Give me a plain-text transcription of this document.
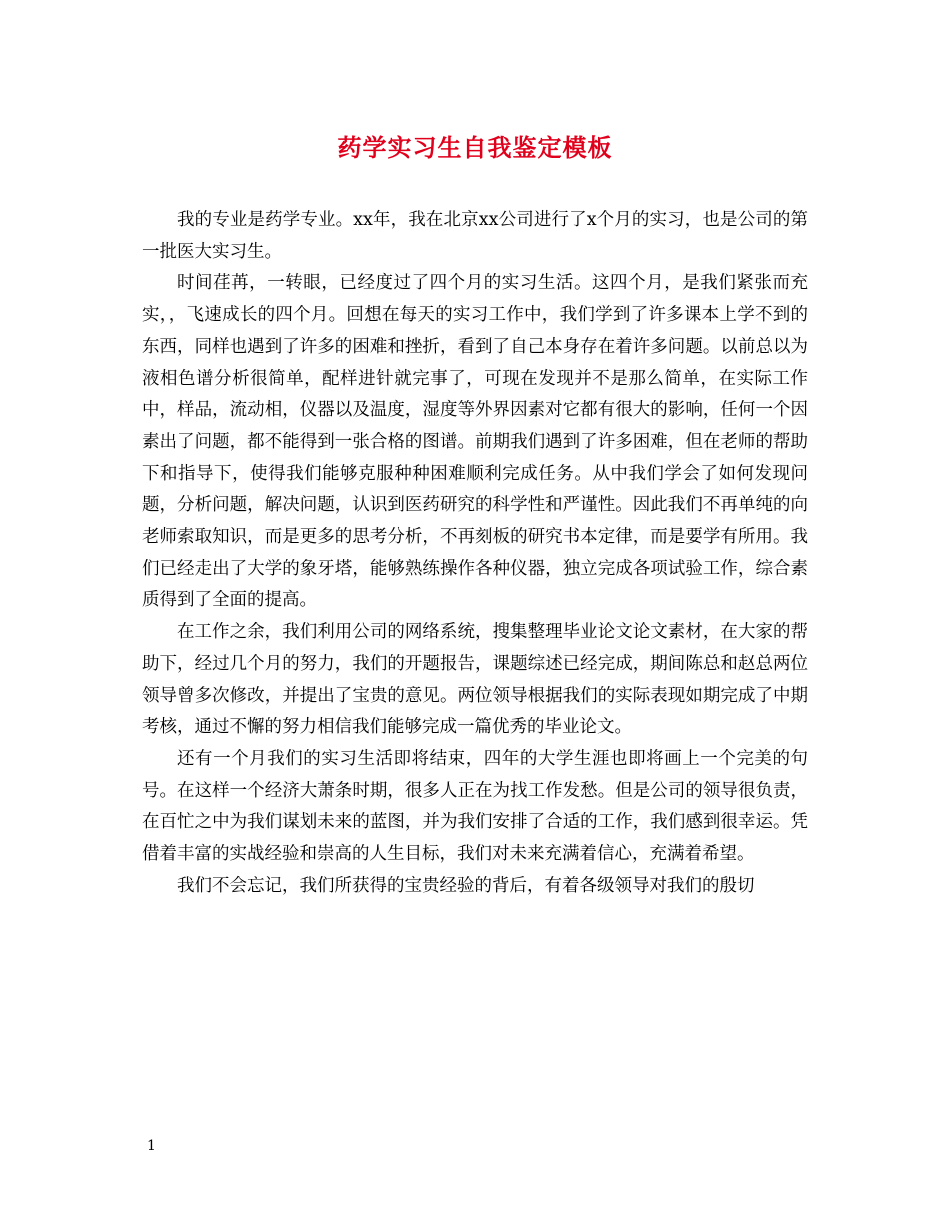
药学实习生自我鉴定模板

我的专业是药学专业。xx年，我在北京xx公司进行了x个月的实习，也是公司的第一批医大实习生。

时间荏苒，一转眼，已经度过了四个月的实习生活。这四个月，是我们紧张而充实，，飞速成长的四个月。回想在每天的实习工作中，我们学到了许多课本上学不到的东西，同样也遇到了许多的困难和挫折，看到了自己本身存在着许多问题。以前总以为液相色谱分析很简单，配样进针就完事了，可现在发现并不是那么简单，在实际工作中，样品，流动相，仪器以及温度，湿度等外界因素对它都有很大的影响，任何一个因素出了问题，都不能得到一张合格的图谱。前期我们遇到了许多困难，但在老师的帮助下和指导下，使得我们能够克服种种困难顺利完成任务。从中我们学会了如何发现问题，分析问题，解决问题，认识到医药研究的科学性和严谨性。因此我们不再单纯的向老师索取知识，而是更多的思考分析，不再刻板的研究书本定律，而是要学有所用。我们已经走出了大学的象牙塔，能够熟练操作各种仪器，独立完成各项试验工作，综合素质得到了全面的提高。

在工作之余，我们利用公司的网络系统，搜集整理毕业论文论文素材，在大家的帮助下，经过几个月的努力，我们的开题报告，课题综述已经完成，期间陈总和赵总两位领导曾多次修改，并提出了宝贵的意见。两位领导根据我们的实际表现如期完成了中期考核，通过不懈的努力相信我们能够完成一篇优秀的毕业论文。

还有一个月我们的实习生活即将结束，四年的大学生涯也即将画上一个完美的句号。在这样一个经济大萧条时期，很多人正在为找工作发愁。但是公司的领导很负责，在百忙之中为我们谋划未来的蓝图，并为我们安排了合适的工作，我们感到很幸运。凭借着丰富的实战经验和崇高的人生目标，我们对未来充满着信心，充满着希望。

我们不会忘记，我们所获得的宝贵经验的背后，有着各级领导对我们的殷切

1
